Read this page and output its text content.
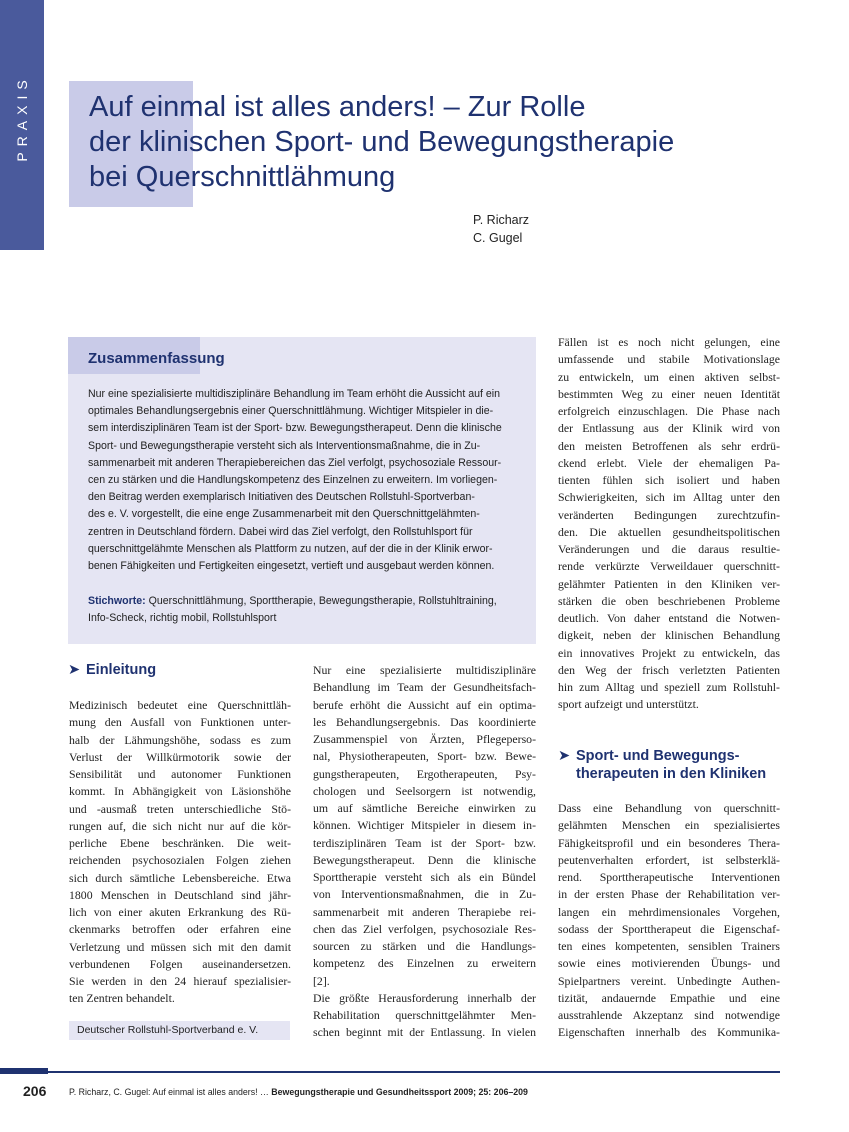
PRAXIS Auf einmal ist alles anders! – Zur Rolle
der klinischen Sport- und Bewegungstherapie
bei Querschnittlähmung
P. Richarz
C. Gugel
Zusammenfassung
Nur eine spezialisierte multidisziplinäre Behandlung im Team erhöht die Aussicht auf ein
optimales Behandlungsergebnis einer Querschnittlähmung. Wichtiger Mitspieler in die-
sem interdisziplinären Team ist der Sport- bzw. Bewegungstherapeut. Denn die klinische
Sport- und Bewegungstherapie versteht sich als Interventionsmaßnahme, die in Zu-
sammenarbeit mit anderen Therapiebereichen das Ziel verfolgt, psychosoziale Ressour-
cen zu stärken und die Handlungskompetenz des Einzelnen zu erweitern. Im vorliegen-
den Beitrag werden exemplarisch Initiativen des Deutschen Rollstuhl-Sportverban-
des e. V. vorgestellt, die eine enge Zusammenarbeit mit den Querschnittgelähmten-
zentren in Deutschland fördern. Dabei wird das Ziel verfolgt, den Rollstuhlsport für
querschnittgelähmte Menschen als Plattform zu nutzen, auf der die in der Klinik erwor-
benen Fähigkeiten und Fertigkeiten eingesetzt, vertieft und ausgebaut werden können.
Stichworte: Querschnittlähmung, Sporttherapie, Bewegungstherapie, Rollstuhltraining,
Info-Scheck, richtig mobil, Rollstuhlsport
➤ Einleitung
Medizinisch bedeutet eine Querschnittläh-
mung den Ausfall von Funktionen unter-
halb der Lähmungshöhe, sodass es zum
Verlust der Willkürmotorik sowie der
Sensibilität und autonomer Funktionen
kommt. In Abhängigkeit von Läsionshöhe
und -ausmaß treten unterschiedliche Stö-
rungen auf, die sich nicht nur auf die kör-
perliche Ebene beschränken. Die weit-
reichenden psychosozialen Folgen ziehen
sich durch sämtliche Lebensbereiche. Etwa
1800 Menschen in Deutschland sind jähr-
lich von einer akuten Erkrankung des Rü-
ckenmarks betroffen oder erfahren eine
Verletzung und müssen sich mit den damit
verbundenen Folgen auseinandersetzen.
Sie werden in den 24 hierauf spezialisier-
ten Zentren behandelt.
Deutscher Rollstuhl-Sportverband e. V.
Nur eine spezialisierte multidisziplinäre
Behandlung im Team der Gesundheitsfach-
berufe erhöht die Aussicht auf ein optima-
les Behandlungsergebnis. Das koordinierte
Zusammenspiel von Ärzten, Pflegeperso-
nal, Physiotherapeuten, Sport- bzw. Bewe-
gungstherapeuten, Ergotherapeuten, Psy-
chologen und Seelsorgern ist notwendig,
um auf sämtliche Bereiche einwirken zu
können. Wichtiger Mitspieler in diesem in-
terdisziplinären Team ist der Sport- bzw.
Bewegungstherapeut. Denn die klinische
Sporttherapie versteht sich als ein Bündel
von Interventionsmaßnahmen, die in Zu-
sammenarbeit mit anderen Therapiebe rei-
chen das Ziel verfolgen, psychosoziale Res-
sourcen zu stärken und die Handlungs-
kompetenz des Einzelnen zu erweitern
[2].
Die größte Herausforderung innerhalb der
Rehabilitation querschnittgelähmter Men-
schen beginnt mit der Entlassung. In vielen
Fällen ist es noch nicht gelungen, eine
umfassende und stabile Motivationslage
zu entwickeln, um einen aktiven selbst-
bestimmten Weg zu einer neuen Identität
erfolgreich einzuschlagen. Die Phase nach
der Entlassung aus der Klinik wird von
den meisten Betroffenen als sehr erdrü-
ckend erlebt. Viele der ehemaligen Pa-
tienten fühlen sich isoliert und haben
Schwierigkeiten, sich im Alltag unter den
veränderten Bedingungen zurechtzufin-
den. Die aktuellen gesundheitspolitischen
Veränderungen und die daraus resultie-
rende verkürzte Verweildauer querschnitt-
gelähmter Patienten in den Kliniken ver-
stärken die oben beschriebenen Probleme
deutlich. Von daher entstand die Notwen-
digkeit, neben der klinischen Behandlung
ein innovatives Projekt zu entwickeln, das
den Weg der frisch verletzten Patienten
hin zum Alltag und speziell zum Rollstuhl-
sport aufzeigt und unterstützt.
➤ Sport- und Bewegungs-
therapeuten in den Kliniken
Dass eine Behandlung von querschnitt-
gelähmten Menschen ein spezialisiertes
Fähigkeitsprofil und ein besonderes Thera-
peutenverhalten erfordert, ist selbsterklä-
rend. Sporttherapeutische Interventionen
in der ersten Phase der Rehabilitation ver-
langen ein mehrdimensionales Vorgehen,
sodass der Sporttherapeut die Eigenschaf-
ten eines kompetenten, sensiblen Trainers
sowie eines motivierenden Übungs- und
Spielpartners vereint. Unbedingte Authen-
tizität, andauernde Empathie und eine
ausstrahlende Akzeptanz sind notwendige
Eigenschaften innerhalb des Kommunika-
206	P. Richarz, C. Gugel: Auf einmal ist alles anders! … Bewegungstherapie und Gesundheitssport 2009; 25: 206–209
